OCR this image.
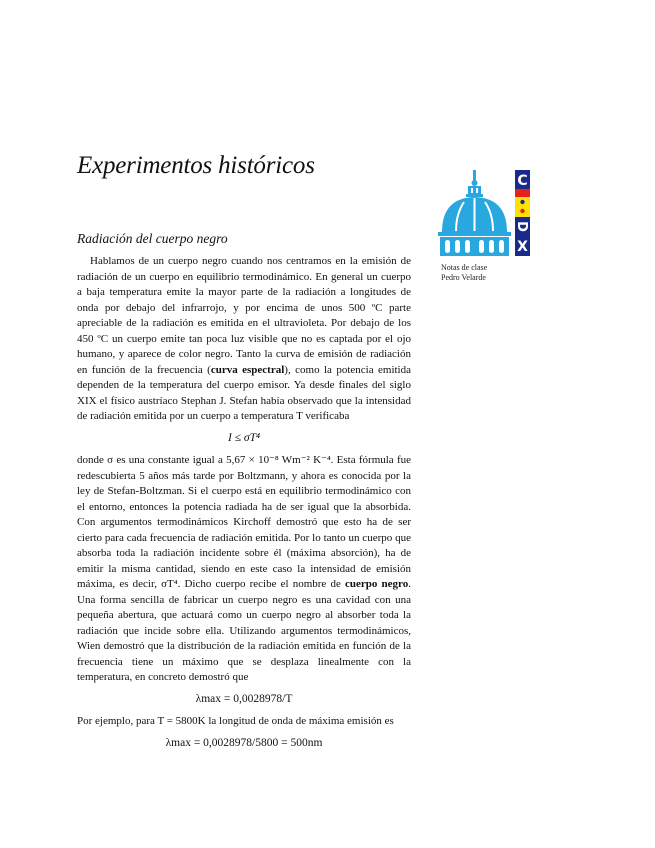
Experimentos históricos
C
D
X
E
Notas de clase
Pedro Velarde
Radiación del cuerpo negro

Hablamos de un cuerpo negro cuando nos centramos en la emisión de radiación de un cuerpo en equilibrio termodinámico. En general un cuerpo a baja temperatura emite la mayor parte de la radiación a longitudes de onda por debajo del infrarrojo, y por encima de unos 500 ºC parte apreciable de la radiación es emitida en el ultravioleta. Por debajo de los 450 ºC un cuerpo emite tan poca luz visible que no es captada por el ojo humano, y aparece de color negro. Tanto la curva de emisión de radiación en función de la frecuencia (curva espectral), como la potencia emitida dependen de la temperatura del cuerpo emisor. Ya desde finales del siglo XIX el físico austríaco Stephan J. Stefan había observado que la intensidad de radiación emitida por un cuerpo a temperatura T verificaba

I ≤ σT⁴

donde σ es una constante igual a 5,67 × 10⁻⁸ Wm⁻² K⁻⁴. Esta fórmula fue redescubierta 5 años más tarde por Boltzmann, y ahora es conocida por la ley de Stefan-Boltzman. Si el cuerpo está en equilibrio termodinámico con el entorno, entonces la potencia radiada ha de ser igual que la absorbida. Con argumentos termodinámicos Kirchoff demostró que esto ha de ser cierto para cada frecuencia de radiación emitida. Por lo tanto un cuerpo que absorba toda la radiación incidente sobre él (máxima absorción), ha de emitir la misma cantidad, siendo en este caso la intensidad de emisión máxima, es decir, σT⁴. Dicho cuerpo recibe el nombre de cuerpo negro. Una forma sencilla de fabricar un cuerpo negro es una cavidad con una pequeña abertura, que actuará como un cuerpo negro al absorber toda la radiación que incide sobre ella. Utilizando argumentos termodinámicos, Wien demostró que la distribución de la radiación emitida en función de la frecuencia tiene un máximo que se desplaza linealmente con la temperatura, en concreto demostró que

λmax = 0,0028978/T

Por ejemplo, para T = 5800K la longitud de onda de máxima emisión es

λmax = 0,0028978/5800 = 500nm
